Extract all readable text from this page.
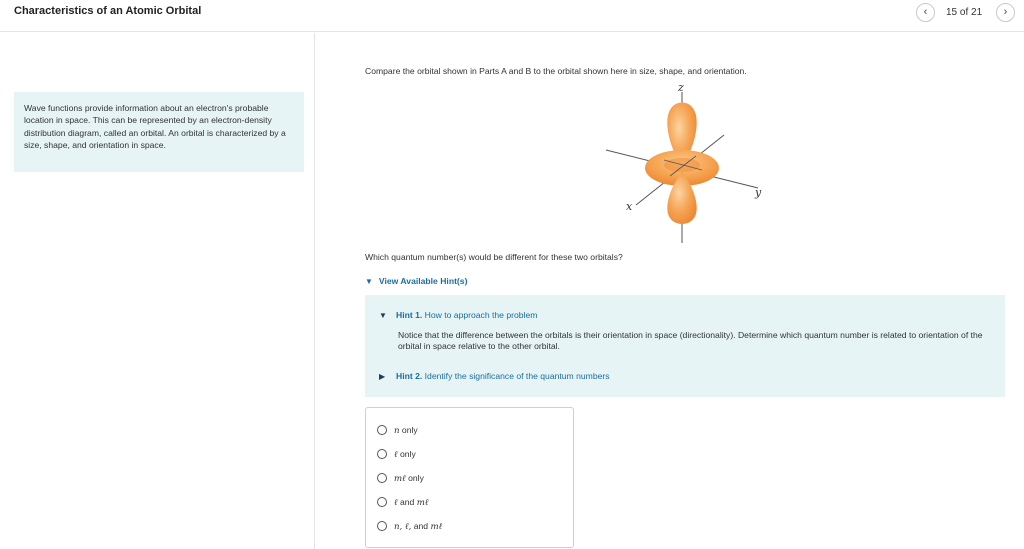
Characteristics of an Atomic Orbital	‹	15 of 21	›
Wave functions provide information about an electron's probable location in space. This can be represented by an electron-density distribution diagram, called an orbital. An orbital is characterized by a size, shape, and orientation in space.
Compare the orbital shown in Parts A and B to the orbital shown here in size, shape, and orientation.
z
x
y
Which quantum number(s) would be different for these two orbitals?
▼ View Available Hint(s)
▼ Hint 1. How to approach the problem
Notice that the difference between the orbitals is their orientation in space (directionality). Determine which quantum number is related to orientation of the orbital in space relative to the other orbital.
▶ Hint 2. Identify the significance of the quantum numbers
n only
ℓ only
mℓ only
ℓ and mℓ
n, ℓ, and mℓ
